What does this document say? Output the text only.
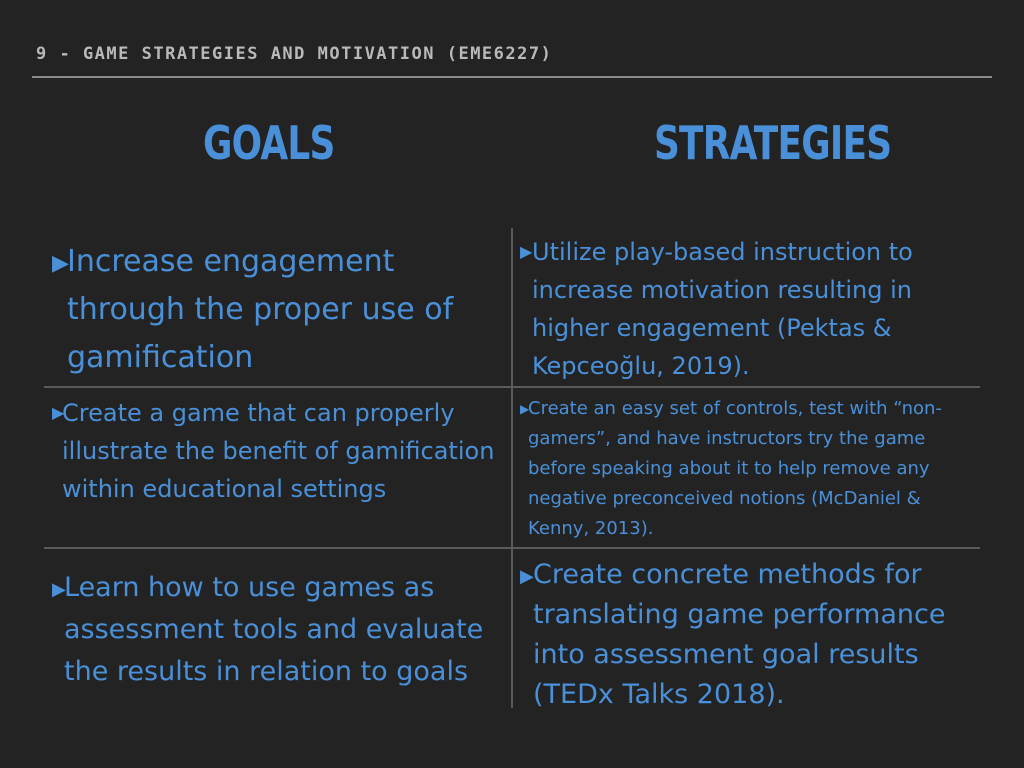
9 - GAME STRATEGIES AND MOTIVATION (EME6227)
GOALS	STRATEGIES
▶
Increase engagement through the proper use of gamification
▶ Utilize play-based instruction to increase motivation resulting in higher engagement (Pektas & Kepceoğlu, 2019).
▶
Create a game that can properly illustrate the benefit of gamification within educational settings
▶
Create an easy set of controls, test with “non-gamers”, and have instructors try the game before speaking about it to help remove any negative preconceived notions (McDaniel & Kenny, 2013).
▶
Learn how to use games as assessment tools and evaluate the results in relation to goals
▶ Create concrete methods for translating game performance into assessment goal results (TEDx Talks 2018).
